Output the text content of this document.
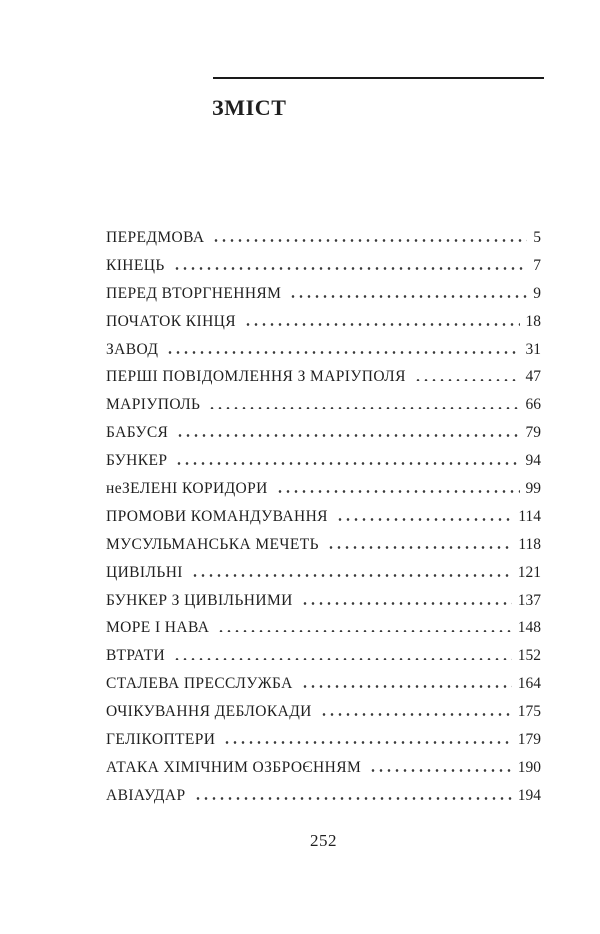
ЗМІСТ
ПЕРЕДМОВА	5
КІНЕЦЬ	7
ПЕРЕД ВТОРГНЕННЯМ	9
ПОЧАТОК КІНЦЯ	18
ЗАВОД	31
ПЕРШІ ПОВІДОМЛЕННЯ З МАРІУПОЛЯ	47
МАРІУПОЛЬ	66
БАБУСЯ	79
БУНКЕР	94
неЗЕЛЕНІ КОРИДОРИ	99
ПРОМОВИ КОМАНДУВАННЯ	114
МУСУЛЬМАНСЬКА МЕЧЕТЬ	118
ЦИВІЛЬНІ	121
БУНКЕР З ЦИВІЛЬНИМИ	137
МОРЕ І НАВА	148
ВТРАТИ	152
СТАЛЕВА ПРЕССЛУЖБА	164
ОЧІКУВАННЯ ДЕБЛОКАДИ	175
ГЕЛІКОПТЕРИ	179
АТАКА ХІМІЧНИМ ОЗБРОЄННЯМ	190
АВІАУДАР	194
252
